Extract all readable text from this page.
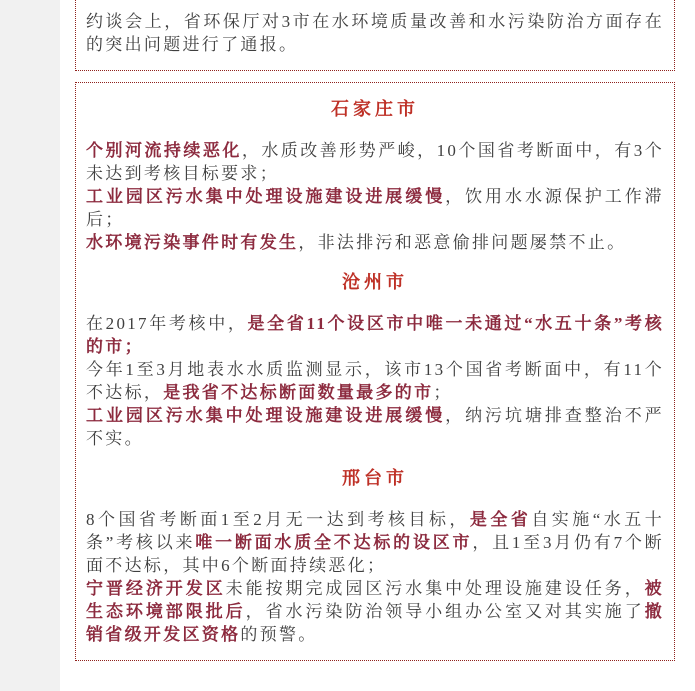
约谈会上，省环保厅对3市在水环境质量改善和水污染防治方面存在的突出问题进行了通报。

石家庄市

个别河流持续恶化，水质改善形势严峻，10个国省考断面中，有3个未达到考核目标要求；

工业园区污水集中处理设施建设进展缓慢，饮用水水源保护工作滞后；

水环境污染事件时有发生，非法排污和恶意偷排问题屡禁不止。

沧州市

在2017年考核中，是全省11个设区市中唯一未通过“水五十条”考核的市；

今年1至3月地表水水质监测显示，该市13个国省考断面中，有11个不达标，是我省不达标断面数量最多的市；

工业园区污水集中处理设施建设进展缓慢，纳污坑塘排查整治不严不实。

邢台市

8个国省考断面1至2月无一达到考核目标，是全省自实施“水五十条”考核以来唯一断面水质全不达标的设区市，且1至3月仍有7个断面不达标，其中6个断面持续恶化；

宁晋经济开发区未能按期完成园区污水集中处理设施建设任务，被生态环境部限批后，省水污染防治领导小组办公室又对其实施了撤销省级开发区资格的预警。
